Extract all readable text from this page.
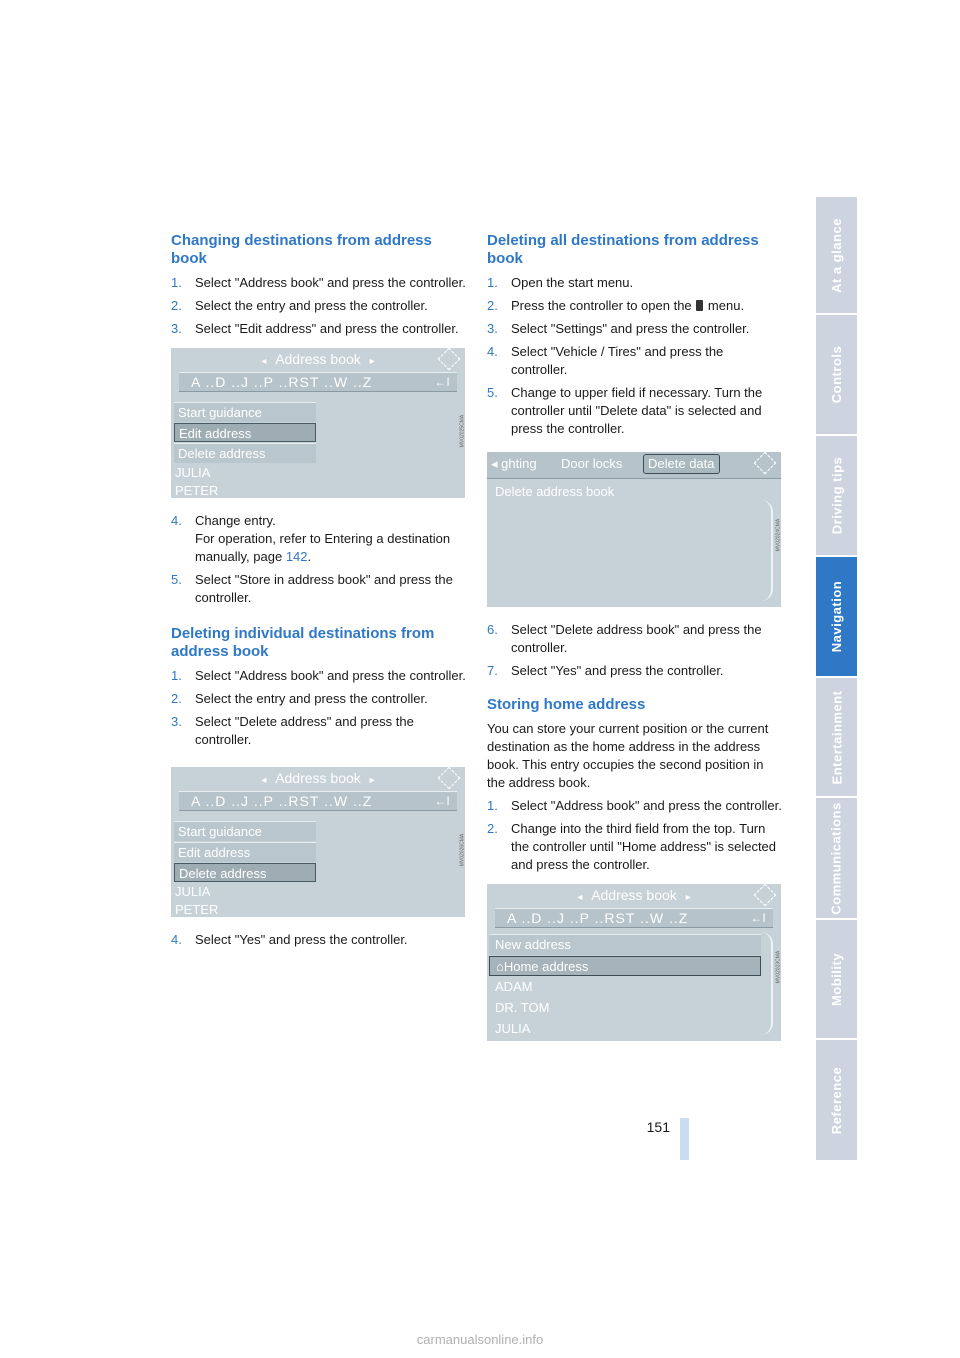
Changing destinations from address book
1. Select "Address book" and press the controller.
2. Select the entry and press the controller.
3. Select "Edit address" and press the controller.
◂ Address book ▸
A ..D ..J ..P ..RST ..W ..Z	←I
Start guidance
Edit address
Delete address
JULIA
PETER
MV02025CMA
4. Change entry.
For operation, refer to Entering a destination manually, page 142.
5. Select "Store in address book" and press the controller.
Deleting individual destinations from address book
1. Select "Address book" and press the controller.
2. Select the entry and press the controller.
3. Select "Delete address" and press the controller.
◂ Address book ▸
A ..D ..J ..P ..RST ..W ..Z	←I
Start guidance
Edit address
Delete address
JULIA
PETER
MV02026CMA
4. Select "Yes" and press the controller.
Deleting all destinations from address book
1. Open the start menu.
2. Press the controller to open the menu.
3. Select "Settings" and press the controller.
4. Select "Vehicle / Tires" and press the controller.
5. Change to upper field if necessary. Turn the controller until "Delete data" is selected and press the controller.
◂ ghting Door locks	Delete data
Delete address book
MV02024CMA
6. Select "Delete address book" and press the controller.
7. Select "Yes" and press the controller.
Storing home address

You can store your current position or the current destination as the home address in the address book. This entry occupies the second position in the address book.

1. Select "Address book" and press the controller.
2. Change into the third field from the top. Turn the controller until "Home address" is selected and press the controller.
◂ Address book ▸
A ..D ..J ..P ..RST ..W ..Z	←I
New address
⌂Home address
ADAM
DR. TOM
JULIA
MV02023CMA
At a glance
Controls
Driving tips
Navigation
Entertainment
Communications
Mobility
Reference
151
carmanualsonline.info
